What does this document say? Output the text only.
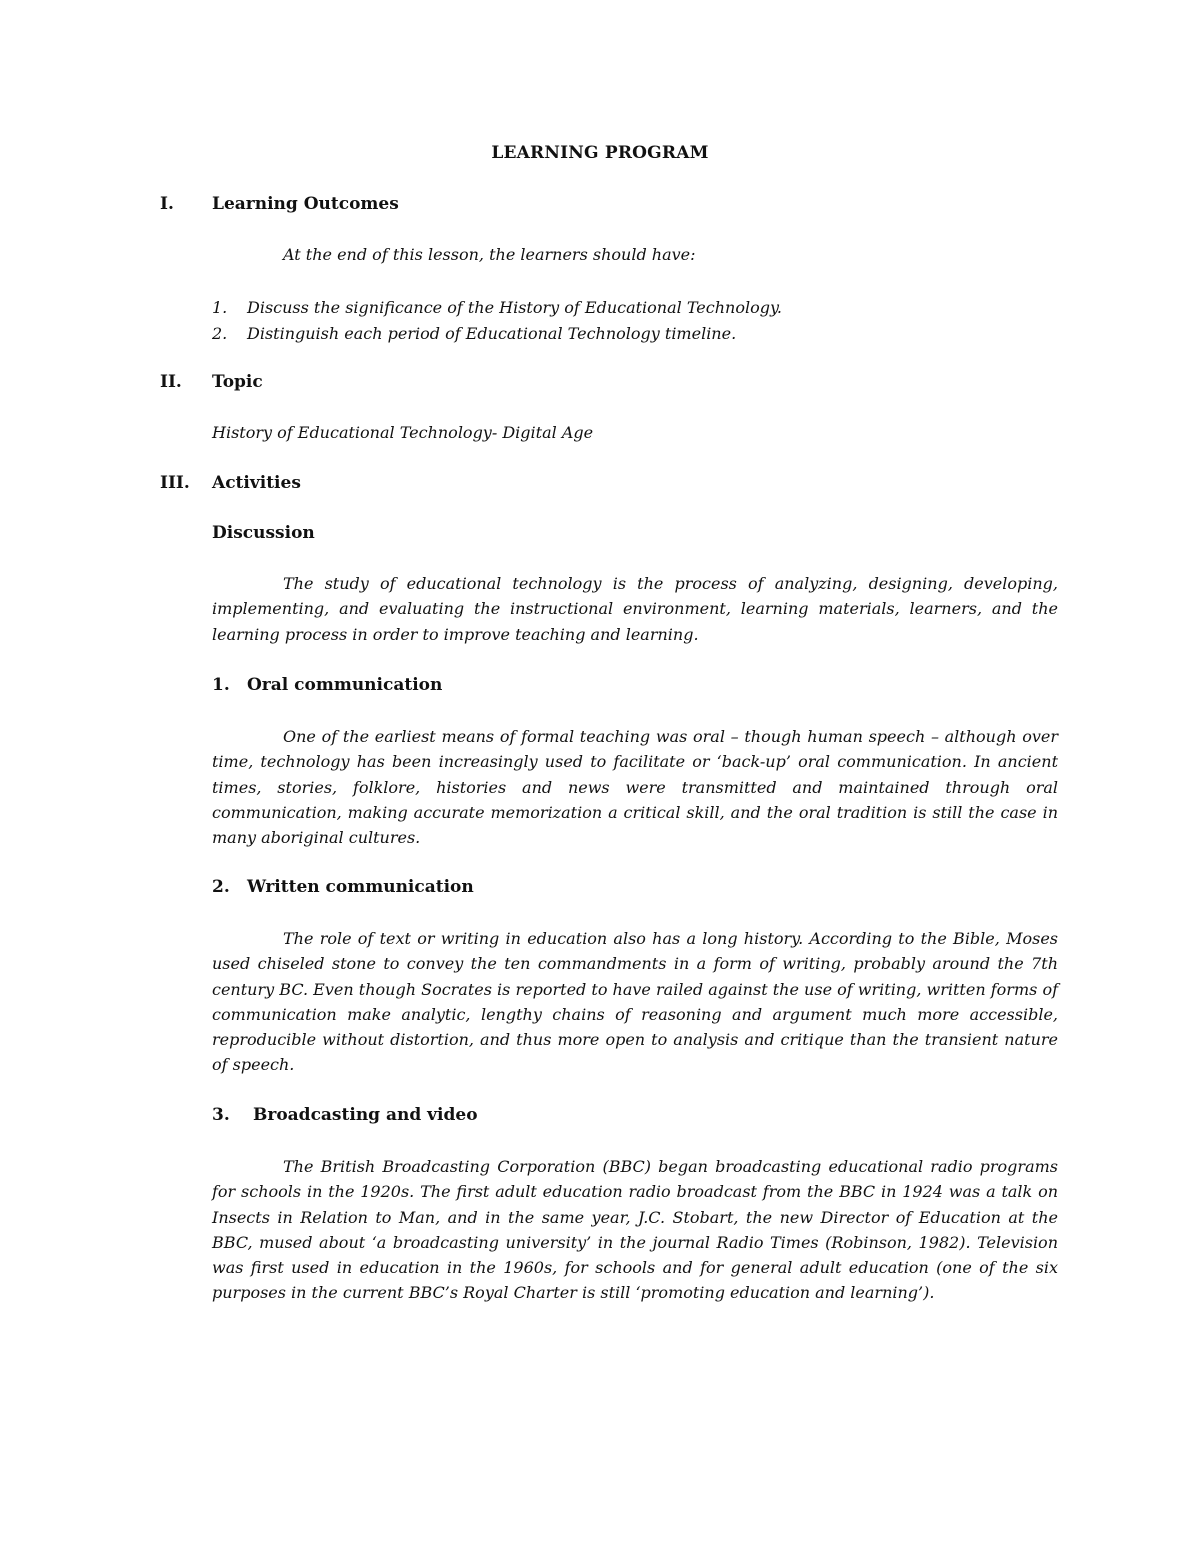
LEARNING PROGRAM
I. Learning Outcomes
At the end of this lesson, the learners should have:
1. Discuss the significance of the History of Educational Technology.
2. Distinguish each period of Educational Technology timeline.
II. Topic
History of Educational Technology- Digital Age
III. Activities
Discussion

The study of educational technology is the process of analyzing, designing, developing, implementing, and evaluating the instructional environment, learning materials, learners, and the learning process in order to improve teaching and learning.

1. Oral communication

One of the earliest means of formal teaching was oral – though human speech – although over time, technology has been increasingly used to facilitate or ‘back-up’ oral communication. In ancient times, stories, folklore, histories and news were transmitted and maintained through oral communication, making accurate memorization a critical skill, and the oral tradition is still the case in many aboriginal cultures.

2. Written communication

The role of text or writing in education also has a long history. According to the Bible, Moses used chiseled stone to convey the ten commandments in a form of writing, probably around the 7th century BC. Even though Socrates is reported to have railed against the use of writing, written forms of communication make analytic, lengthy chains of reasoning and argument much more accessible, reproducible without distortion, and thus more open to analysis and critique than the transient nature of speech.

3. Broadcasting and video

The British Broadcasting Corporation (BBC) began broadcasting educational radio programs for schools in the 1920s. The first adult education radio broadcast from the BBC in 1924 was a talk on Insects in Relation to Man, and in the same year, J.C. Stobart, the new Director of Education at the BBC, mused about ‘a broadcasting university’ in the journal Radio Times (Robinson, 1982). Television was first used in education in the 1960s, for schools and for general adult education (one of the six purposes in the current BBC’s Royal Charter is still ‘promoting education and learning’).
